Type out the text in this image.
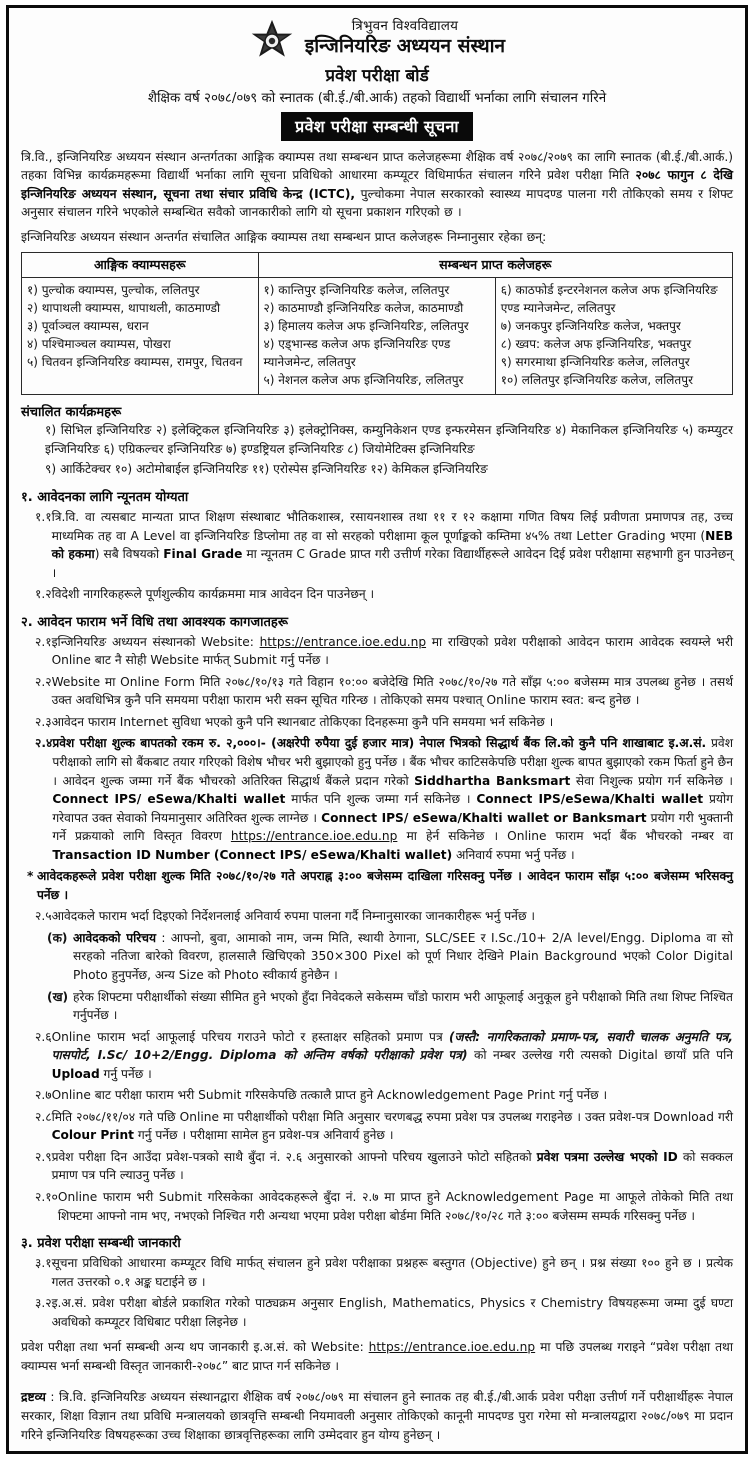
त्रिभुवन विश्वविद्यालय
इन्जिनियरिङ अध्ययन संस्थान
प्रवेश परीक्षा बोर्ड
शैक्षिक वर्ष २०७८/०७९ को स्नातक (बी.ई./बी.आर्क) तहको विद्यार्थी भर्नाका लागि संचालन गरिने
प्रवेश परीक्षा सम्बन्धी सूचना

त्रि.वि., इन्जिनियरिङ अध्ययन संस्थान अन्तर्गतका आङ्गिक क्याम्पस तथा सम्बन्धन प्राप्त कलेजहरूमा शैक्षिक वर्ष २०७८/२०७९ का लागि स्नातक (बी.ई./बी.आर्क.) तहका विभिन्न कार्यक्रमहरूमा विद्यार्थी भर्नाका लागि सूचना प्रविधिको आधारमा कम्प्यूटर विधिमार्फत संचालन गरिने प्रवेश परीक्षा मिति २०७८ फागुन ८ देखि इन्जिनियरिङ अध्ययन संस्थान, सूचना तथा संचार प्रविधि केन्द्र (ICTC), पुल्चोकमा नेपाल सरकारको स्वास्थ्य मापदण्ड पालना गरी तोकिएको समय र शिफ्ट अनुसार संचालन गरिने भएकोले सम्बन्धित सवैको जानकारीको लागि यो सूचना प्रकाशन गरिएको छ ।

इन्जिनियरिङ अध्ययन संस्थान अन्तर्गत संचालित आङ्गिक क्याम्पस तथा सम्बन्धन प्राप्त कलेजहरू निम्नानुसार रहेका छन्:

आङ्गिक क्याम्पसहरू	सम्बन्धन प्राप्त कलेजहरू	

१) पुल्चोक क्याम्पस, पुल्चोक, ललितपुर
२) थापाथली क्याम्पस, थापाथली, काठमाण्डौ
३) पूर्वाञ्चल क्याम्पस, धरान
४) पश्चिमाञ्चल क्याम्पस, पोखरा
५) चितवन इन्जिनियरिङ क्याम्पस, रामपुर, चितवन

१) कान्तिपुर इन्जिनियरिङ कलेज, ललितपुर
२) काठमाण्डौ इन्जिनियरिङ कलेज, काठमाण्डौ
३) हिमालय कलेज अफ इन्जिनियरिङ, ललितपुर
४) एड्भान्स्ड कलेज अफ इन्जिनियरिङ एण्ड म्यानेजमेन्ट, ललितपुर
५) नेशनल कलेज अफ इन्जिनियरिङ, ललितपुर

६) काठफोर्ड इन्टरनेशनल कलेज अफ इन्जिनियरिङ एण्ड म्यानेजमेन्ट, ललितपुर
७) जनकपुर इन्जिनियरिङ कलेज, भक्तपुर
८) ख्वप: कलेज अफ इन्जिनियरिङ, भक्तपुर
९) सगरमाथा इन्जिनियरिङ कलेज, ललितपुर
१०) ललितपुर इन्जिनियरिङ कलेज, ललितपुर
संचालित कार्यक्रमहरू
१) सिभिल इन्जिनियरिङ २) इलेक्ट्रिकल इन्जिनियरिङ ३) इलेक्ट्रोनिक्स, कम्युनिकेशन एण्ड इन्फरमेसन इन्जिनियरिङ ४) मेकानिकल इन्जिनियरिङ ५) कम्प्युटर इन्जिनियरिङ ६) एग्रिकल्चर इन्जिनियरिङ ७) इण्डष्ट्रियल इन्जिनियरिङ ८) जियोमेटिक्स इन्जिनियरिङ
९) आर्किटेक्चर १०) अटोमोबाईल इन्जिनियरिङ ११) एरोस्पेस इन्जिनियरिङ १२) केमिकल इन्जिनियरिङ
१. आवेदनका लागि न्यूनतम योग्यता
१.१ त्रि.वि. वा त्यसबाट मान्यता प्राप्त शिक्षण संस्थाबाट भौतिकशास्त्र, रसायनशास्त्र तथा ११ र १२ कक्षामा गणित विषय लिई प्रवीणता प्रमाणपत्र तह, उच्च माध्यमिक तह वा A Level वा इन्जिनियरिङ डिप्लोमा तह वा सो सरहको परीक्षामा कूल पूर्णाङ्कको कम्तिमा ४५% तथा Letter Grading भएमा (NEB को हकमा) सबै विषयको Final Grade मा न्यूनतम C Grade प्राप्त गरी उत्तीर्ण गरेका विद्यार्थीहरूले आवेदन दिई प्रवेश परीक्षामा सहभागी हुन पाउनेछन् ।
१.२ विदेशी नागरिकहरूले पूर्णशुल्कीय कार्यक्रममा मात्र आवेदन दिन पाउनेछन् ।
२. आवेदन फाराम भर्ने विधि तथा आवश्यक कागजातहरू
२.१ इन्जिनियरिङ अध्ययन संस्थानको Website: https://entrance.ioe.edu.np मा राखिएको प्रवेश परीक्षाको आवेदन फाराम आवेदक स्वयम्ले भरी Online बाट नै सोही Website मार्फत् Submit गर्नु पर्नेछ ।
२.२ Website मा Online Form मिति २०७८/१०/१३ गते विहान १०:०० बजेदेखि मिति २०७८/१०/२७ गते साँझ ५:०० बजेसम्म मात्र उपलब्ध हुनेछ । तसर्थ उक्त अवधिभित्र कुनै पनि समयमा परीक्षा फाराम भरी सक्न सूचित गरिन्छ । तोकिएको समय पश्चात् Online फाराम स्वत: बन्द हुनेछ ।
२.३ आवेदन फाराम Internet सुविधा भएको कुनै पनि स्थानबाट तोकिएका दिनहरूमा कुनै पनि समयमा भर्न सकिनेछ ।
२.४ प्रवेश परीक्षा शुल्क बापतको रकम रु. २,०००।- (अक्षरेपी रुपैया दुई हजार मात्र) नेपाल भित्रको सिद्धार्थ बैंक लि.को कुनै पनि शाखाबाट इ.अ.सं. प्रवेश परीक्षाको लागि सो बैंकबाट तयार गरिएको विशेष भौचर भरी बुझाएको हुनु पर्नेछ । बैंक भौचर काटिसकेपछि परीक्षा शुल्क बापत बुझाएको रकम फिर्ता हुने छैन । आवेदन शुल्क जम्मा गर्ने बैंक भौचरको अतिरिक्त सिद्धार्थ बैंकले प्रदान गरेको Siddhartha Banksmart सेवा निशुल्क प्रयोग गर्न सकिनेछ । Connect IPS/ eSewa/Khalti wallet मार्फत पनि शुल्क जम्मा गर्न सकिनेछ । Connect IPS/eSewa/Khalti wallet प्रयोग गरेवापत उक्त सेवाको नियमानुसार अतिरिक्त शुल्क लाग्नेछ । Connect IPS/ eSewa/Khalti wallet or Banksmart प्रयोग गरी भुक्तानी गर्ने प्रक्रयाको लागि विस्तृत विवरण https://entrance.ioe.edu.np मा हेर्न सकिनेछ । Online फाराम भर्दा बैंक भौचरको नम्बर वा Transaction ID Number (Connect IPS/ eSewa/Khalti wallet) अनिवार्य रुपमा भर्नु पर्नेछ ।
* आवेदकहरूले प्रवेश परीक्षा शुल्क मिति २०७८/१०/२७ गते अपराह्न ३:०० बजेसम्म दाखिला गरिसक्नु पर्नेछ । आवेदन फाराम साँझ ५:०० बजेसम्म भरिसक्नु पर्नेछ ।
२.५ आवेदकले फाराम भर्दा दिइएको निर्देशनलाई अनिवार्य रुपमा पालना गर्दै निम्नानुसारका जानकारीहरू भर्नु पर्नेछ ।
(क) आवेदकको परिचय : आफ्नो, बुवा, आमाको नाम, जन्म मिति, स्थायी ठेगाना, SLC/SEE र I.Sc./10+ 2/A level/Engg. Diploma वा सो सरहको नतिजा बारेको विवरण, हालसालै खिचिएको 350×300 Pixel को पूर्ण निधार देखिने Plain Background भएको Color Digital Photo हुनुपर्नेछ, अन्य Size को Photo स्वीकार्य हुनेछैन ।
(ख) हरेक शिफ्टमा परीक्षार्थीको संख्या सीमित हुने भएको हुँदा निवेदकले सकेसम्म चाँडो फाराम भरी आफूलाई अनुकूल हुने परीक्षाको मिति तथा शिफ्ट निश्चित गर्नुपर्नेछ ।
२.६ Online फाराम भर्दा आफूलाई परिचय गराउने फोटो र हस्ताक्षर सहितको प्रमाण पत्र (जस्तै: नागरिकताको प्रमाण-पत्र, सवारी चालक अनुमति पत्र, पासपोर्ट, I.Sc/ 10+2/Engg. Diploma को अन्तिम वर्षको परीक्षाको प्रवेश पत्र) को नम्बर उल्लेख गरी त्यसको Digital छायाँ प्रति पनि Upload गर्नु पर्नेछ ।
२.७ Online बाट परीक्षा फाराम भरी Submit गरिसकेपछि तत्कालै प्राप्त हुने Acknowledgement Page Print गर्नु पर्नेछ ।
२.८ मिति २०७८/११/०४ गते पछि Online मा परीक्षार्थीको परीक्षा मिति अनुसार चरणबद्ध रुपमा प्रवेश पत्र उपलब्ध गराइनेछ । उक्त प्रवेश-पत्र Download गरी Colour Print गर्नु पर्नेछ । परीक्षामा सामेल हुन प्रवेश-पत्र अनिवार्य हुनेछ ।
२.९ प्रवेश परीक्षा दिन आउँदा प्रवेश-पत्रको साथै बुँदा नं. २.६ अनुसारको आफ्नो परिचय खुलाउने फोटो सहितको प्रवेश पत्रमा उल्लेख भएको ID को सक्कल प्रमाण पत्र पनि ल्याउनु पर्नेछ ।
२.१० Online फाराम भरी Submit गरिसकेका आवेदकहरूले बुँदा नं. २.७ मा प्राप्त हुने Acknowledgement Page मा आफूले तोकेको मिति तथा शिफ्टमा आफ्नो नाम भए, नभएको निश्चित गरी अन्यथा भएमा प्रवेश परीक्षा बोर्डमा मिति २०७८/१०/२८ गते ३:०० बजेसम्म सम्पर्क गरिसक्नु पर्नेछ ।
३. प्रवेश परीक्षा सम्बन्धी जानकारी
३.१ सूचना प्रविधिको आधारमा कम्प्यूटर विधि मार्फत् संचालन हुने प्रवेश परीक्षाका प्रश्नहरू बस्तुगत (Objective) हुने छन् । प्रश्न संख्या १०० हुने छ । प्रत्येक गलत उत्तरको ०.१ अङ्क घटाईने छ ।
३.२ इ.अ.सं. प्रवेश परीक्षा बोर्डले प्रकाशित गरेको पाठ्यक्रम अनुसार English, Mathematics, Physics र Chemistry विषयहरूमा जम्मा दुई घण्टा अवधिको कम्प्यूटर विधिबाट परीक्षा लिइनेछ ।

प्रवेश परीक्षा तथा भर्ना सम्बन्धी अन्य थप जानकारी इ.अ.सं. को Website: https://entrance.ioe.edu.np मा पछि उपलब्ध गराइने “प्रवेश परीक्षा तथा क्याम्पस भर्ना सम्बन्धी विस्तृत जानकारी-२०७८” बाट प्राप्त गर्न सकिनेछ ।

द्रष्टव्य : त्रि.वि. इन्जिनियरिङ अध्ययन संस्थानद्वारा शैक्षिक वर्ष २०७८/०७९ मा संचालन हुने स्नातक तह बी.ई./बी.आर्क प्रवेश परीक्षा उत्तीर्ण गर्ने परीक्षार्थीहरू नेपाल सरकार, शिक्षा विज्ञान तथा प्रविधि मन्त्रालयको छात्रवृत्ति सम्बन्धी नियमावली अनुसार तोकिएको कानूनी मापदण्ड पुरा गरेमा सो मन्त्रालयद्वारा २०७८/०७९ मा प्रदान गरिने इन्जिनियरिङ विषयहरूका उच्च शिक्षाका छात्रवृत्तिहरूका लागि उम्मेदवार हुन योग्य हुनेछन् ।
